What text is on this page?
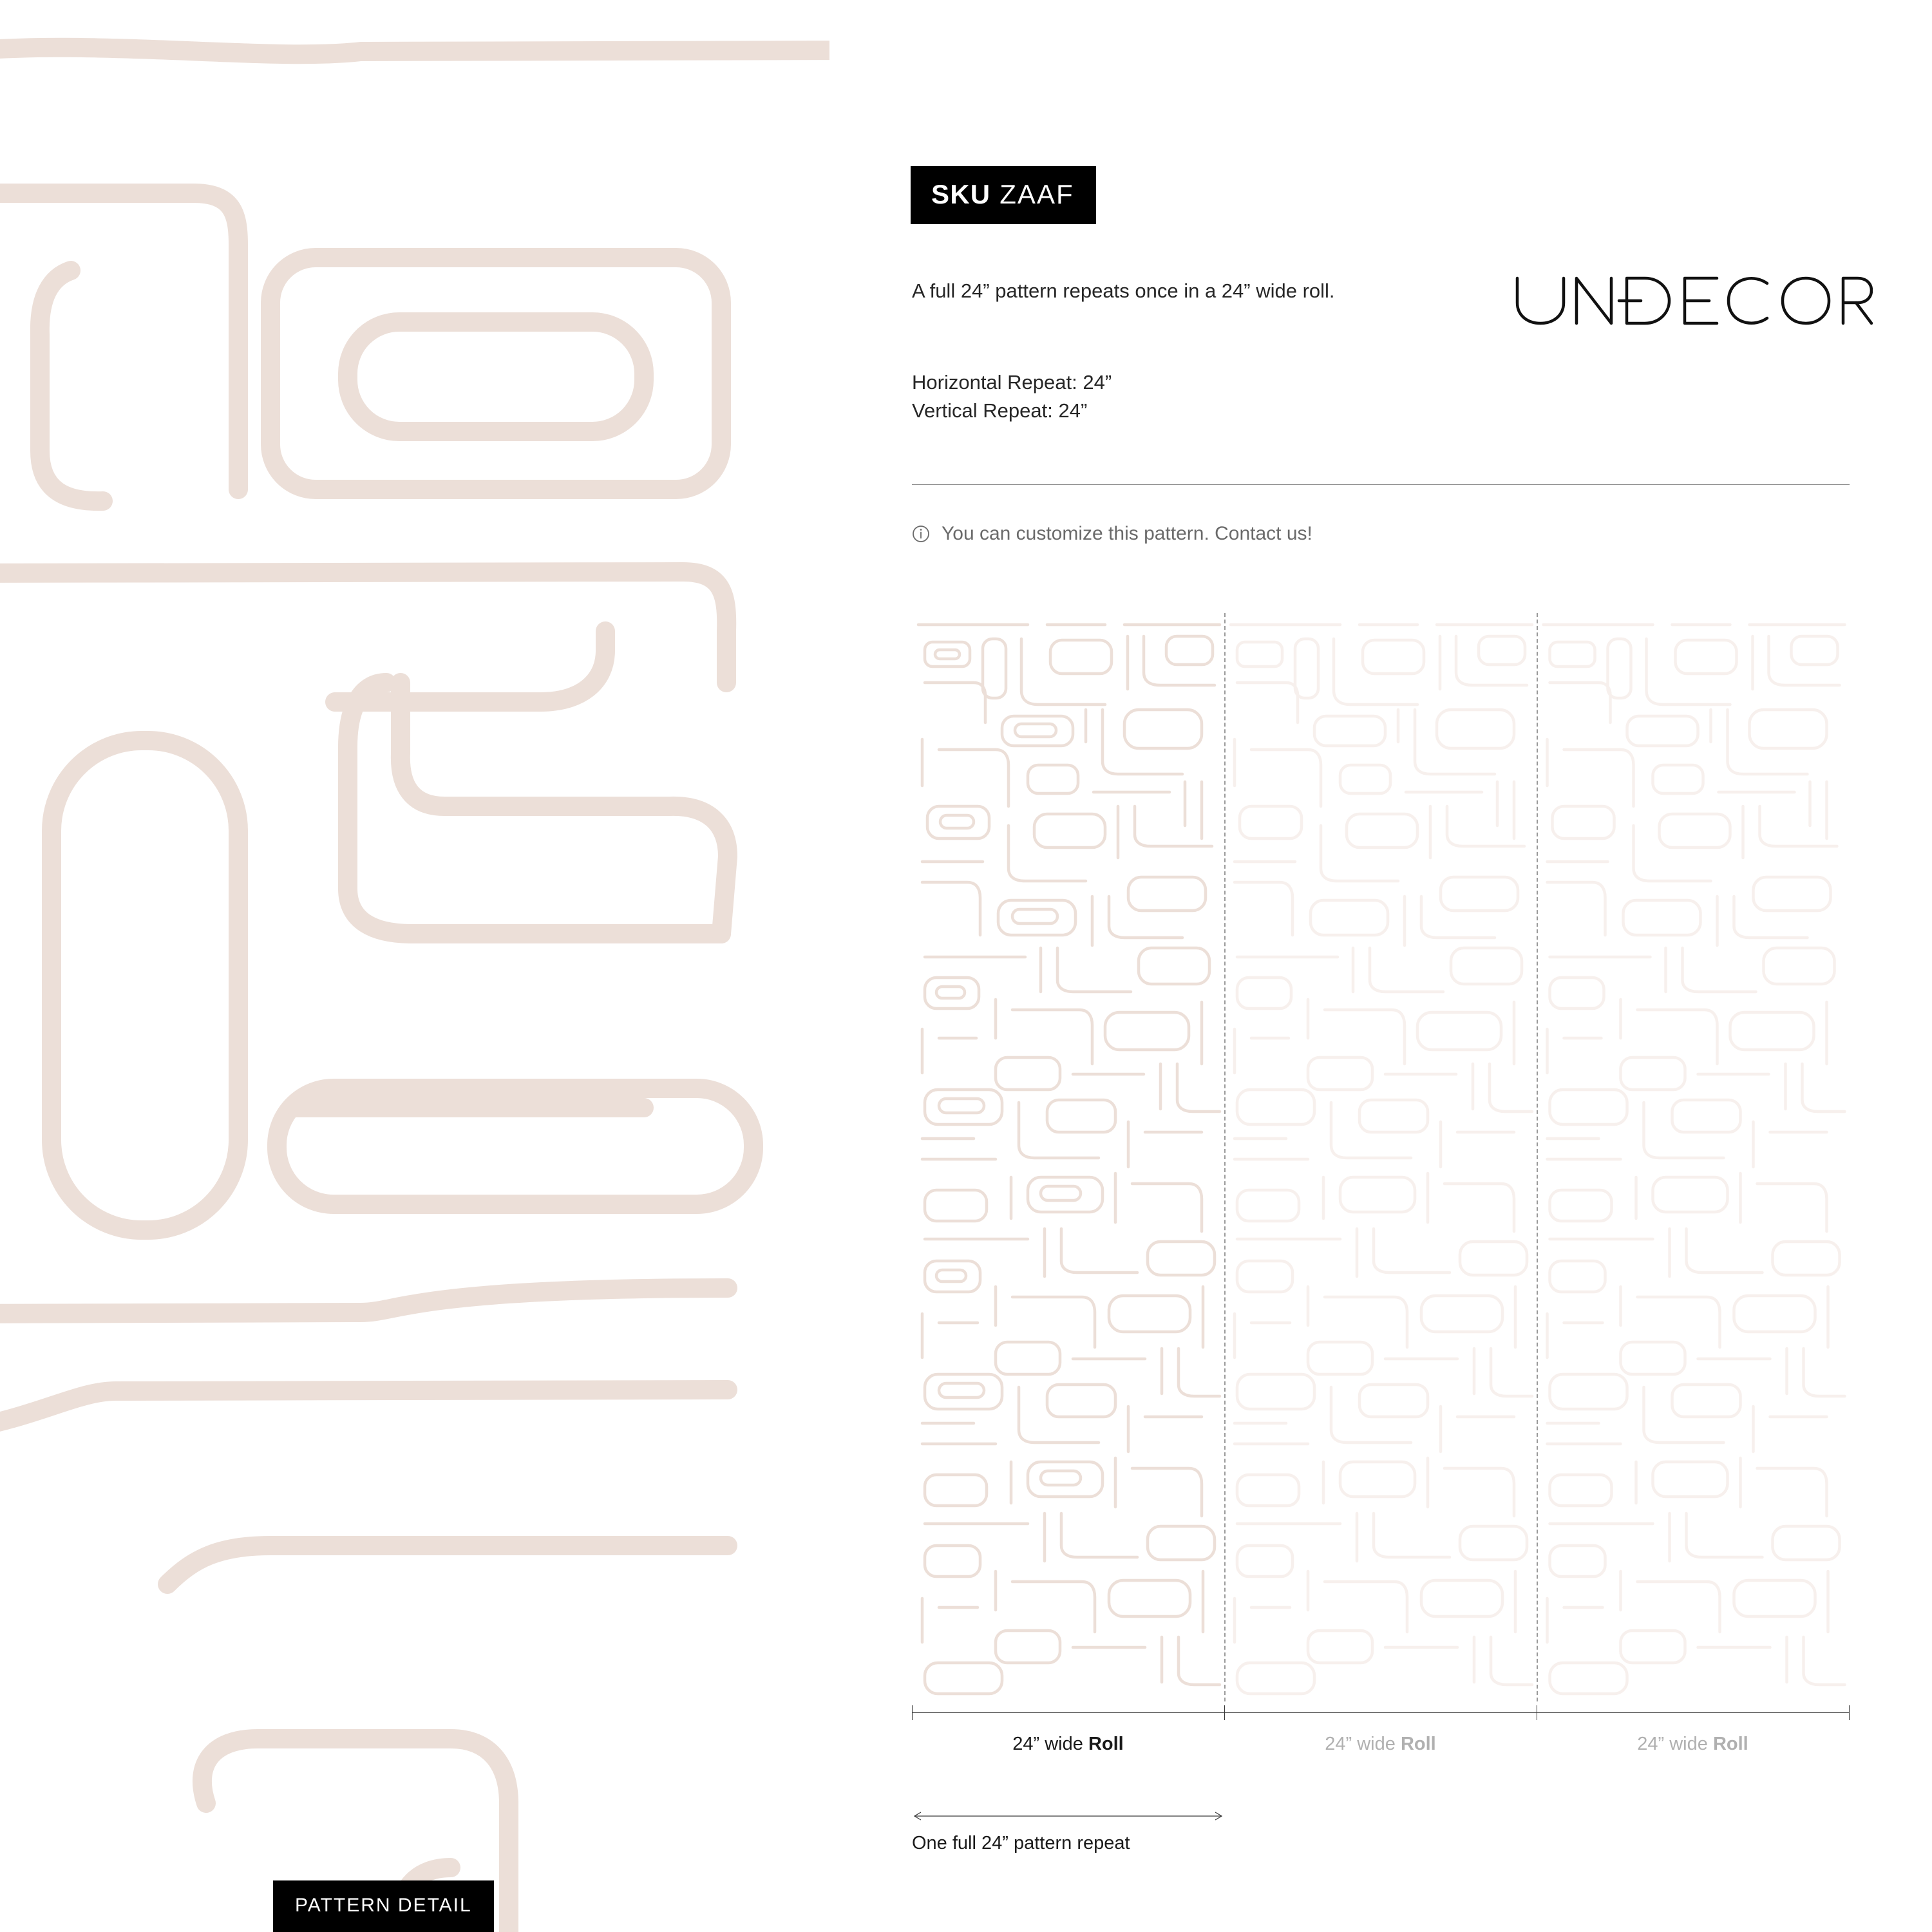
PATTERN DETAIL
SKU ZAAF
A full 24” pattern repeats once in a 24” wide roll.
Horizontal Repeat: 24”
Vertical Repeat: 24”
You can customize this pattern. Contact us!
24” wide Roll	24” wide Roll	24” wide Roll
One full 24” pattern repeat
